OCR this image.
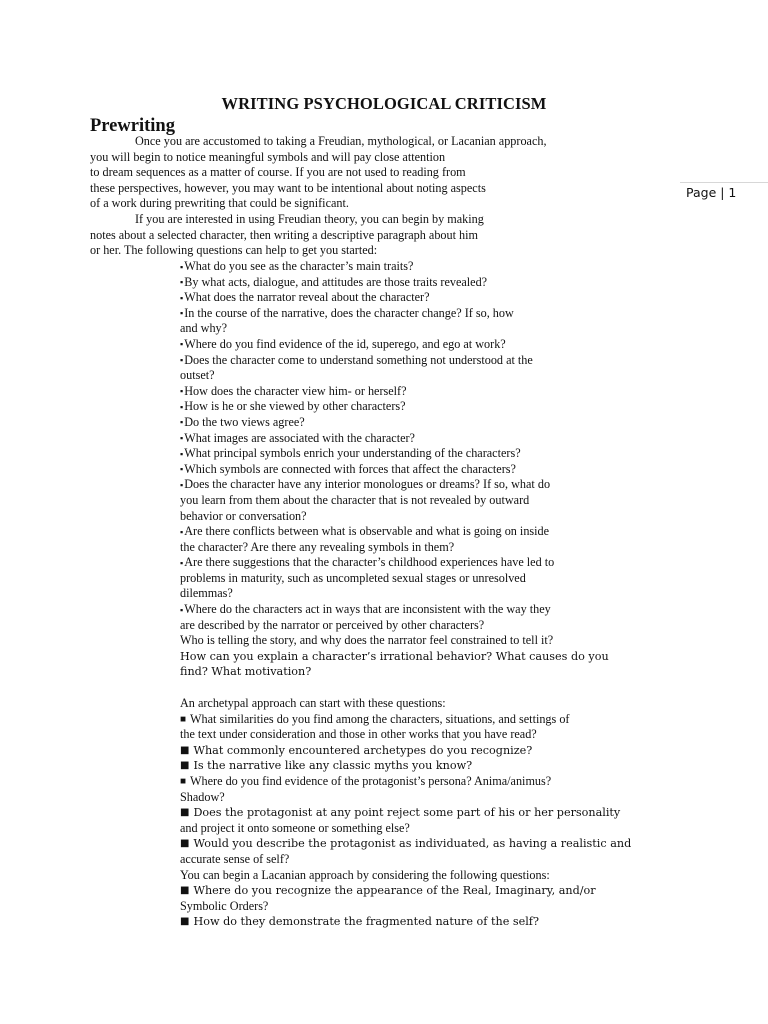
WRITING PSYCHOLOGICAL CRITICISM
Prewriting
Page | 1
Once you are accustomed to taking a Freudian, mythological, or Lacanian approach,
you will begin to notice meaningful symbols and will pay close attention
to dream sequences as a matter of course. If you are not used to reading from
these perspectives, however, you may want to be intentional about noting aspects
of a work during prewriting that could be significant.
If you are interested in using Freudian theory, you can begin by making
notes about a selected character, then writing a descriptive paragraph about him
or her. The following questions can help to get you started:
▪What do you see as the character’s main traits?
▪By what acts, dialogue, and attitudes are those traits revealed?
▪What does the narrator reveal about the character?
▪In the course of the narrative, does the character change? If so, how
and why?
▪Where do you find evidence of the id, superego, and ego at work?
▪Does the character come to understand something not understood at the
outset?
▪How does the character view him- or herself?
▪How is he or she viewed by other characters?
▪Do the two views agree?
▪What images are associated with the character?
▪What principal symbols enrich your understanding of the characters?
▪Which symbols are connected with forces that affect the characters?
▪Does the character have any interior monologues or dreams? If so, what do
you learn from them about the character that is not revealed by outward
behavior or conversation?
▪Are there conflicts between what is observable and what is going on inside
the character? Are there any revealing symbols in them?
▪Are there suggestions that the character’s childhood experiences have led to
problems in maturity, such as uncompleted sexual stages or unresolved
dilemmas?
▪Where do the characters act in ways that are inconsistent with the way they
are described by the narrator or perceived by other characters?
Who is telling the story, and why does the narrator feel constrained to tell it?
How can you explain a character’s irrational behavior? What causes do you
find? What motivation?
An archetypal approach can start with these questions:
■ What similarities do you find among the characters, situations, and settings of
the text under consideration and those in other works that you have read?
■ What commonly encountered archetypes do you recognize?
■ Is the narrative like any classic myths you know?
■ Where do you find evidence of the protagonist’s persona? Anima/animus?
Shadow?
■ Does the protagonist at any point reject some part of his or her personality
and project it onto someone or something else?
■ Would you describe the protagonist as individuated, as having a realistic and
accurate sense of self?
You can begin a Lacanian approach by considering the following questions:
■ Where do you recognize the appearance of the Real, Imaginary, and/or
Symbolic Orders?
■ How do they demonstrate the fragmented nature of the self?
